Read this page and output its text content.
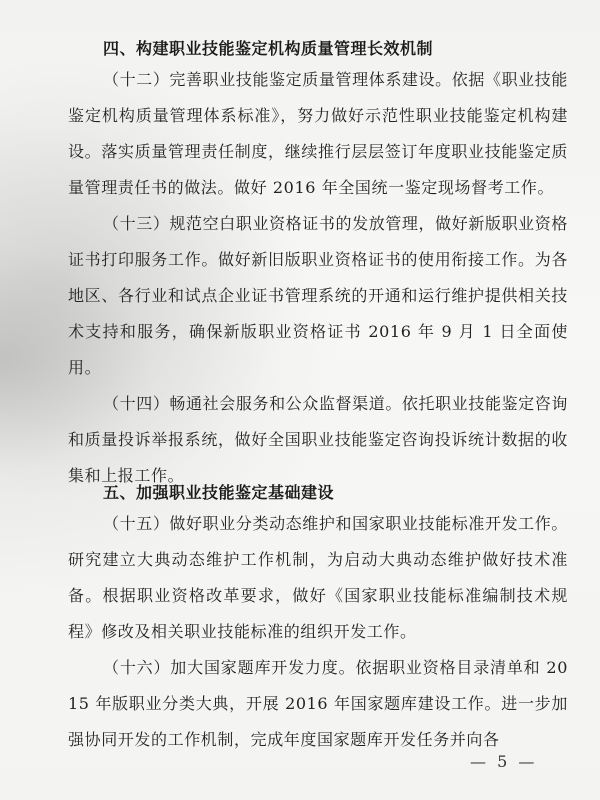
四、构建职业技能鉴定机构质量管理长效机制
（十二）完善职业技能鉴定质量管理体系建设。依据《职业技能鉴定机构质量管理体系标准》，努力做好示范性职业技能鉴定机构建设。落实质量管理责任制度，继续推行层层签订年度职业技能鉴定质量管理责任书的做法。做好 2016 年全国统一鉴定现场督考工作。
（十三）规范空白职业资格证书的发放管理，做好新版职业资格证书打印服务工作。做好新旧版职业资格证书的使用衔接工作。为各地区、各行业和试点企业证书管理系统的开通和运行维护提供相关技术支持和服务，确保新版职业资格证书 2016 年 9 月 1 日全面使用。
（十四）畅通社会服务和公众监督渠道。依托职业技能鉴定咨询和质量投诉举报系统，做好全国职业技能鉴定咨询投诉统计数据的收集和上报工作。
五、加强职业技能鉴定基础建设
（十五）做好职业分类动态维护和国家职业技能标准开发工作。研究建立大典动态维护工作机制，为启动大典动态维护做好技术准备。根据职业资格改革要求，做好《国家职业技能标准编制技术规程》修改及相关职业技能标准的组织开发工作。
（十六）加大国家题库开发力度。依据职业资格目录清单和 2015 年版职业分类大典，开展 2016 年国家题库建设工作。进一步加强协同开发的工作机制，完成年度国家题库开发任务并向各
— 5 —
